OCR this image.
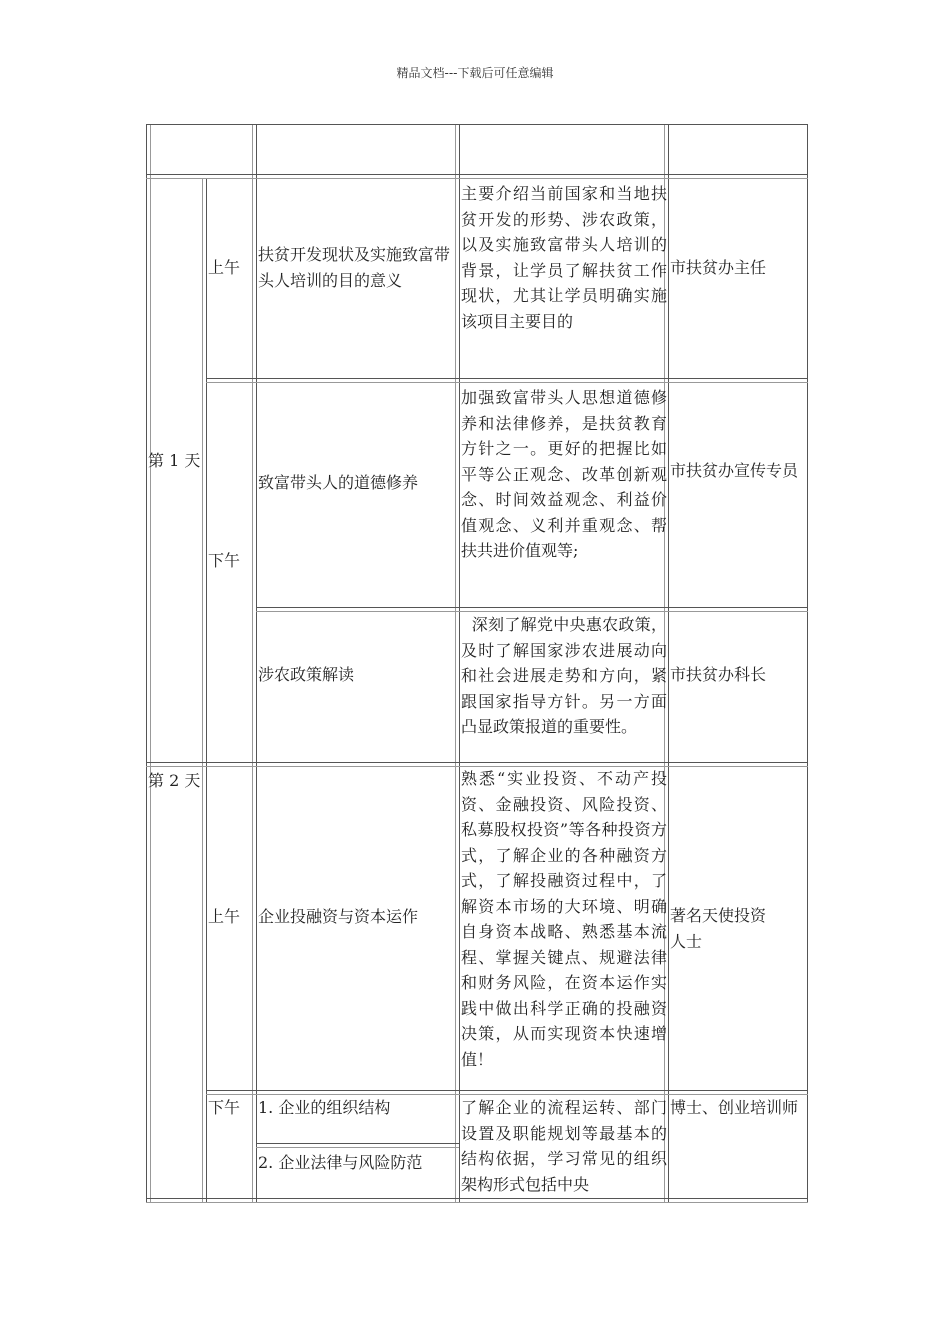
精品文档---下载后可任意编辑
第 1 天
上午
扶贫开发现状及实施致富带头人培训的目的意义
主要介绍当前国家和当地扶贫开发的形势、涉农政策，以及实施致富带头人培训的背景，让学员了解扶贫工作现状，尤其让学员明确实施该项目主要目的
市扶贫办主任
下午
致富带头人的道德修养
加强致富带头人思想道德修养和法律修养，是扶贫教育方针之一。更好的把握比如平等公正观念、改革创新观念、时间效益观念、利益价值观念、义利并重观念、帮扶共进价值观等;
市扶贫办宣传专员
涉农政策解读
深刻了解党中央惠农政策，及时了解国家涉农进展动向和社会进展走势和方向，紧跟国家指导方针。另一方面凸显政策报道的重要性。
市扶贫办科长
第 2 天
上午	企业投融资与资本运作
熟悉“实业投资、不动产投资、金融投资、风险投资、私募股权投资”等各种投资方式，了解企业的各种融资方式，了解投融资过程中，了解资本市场的大环境、明确自身资本战略、熟悉基本流程、掌握关键点、规避法律和财务风险，在资本运作实践中做出科学正确的投融资决策，从而实现资本快速增值！
著名天使投资人士
下午	1. 企业的组织结构
2. 企业法律与风险防范
了解企业的流程运转、部门设置及职能规划等最基本的结构依据，学习常见的组织架构形式包括中央
博士、创业培训师
